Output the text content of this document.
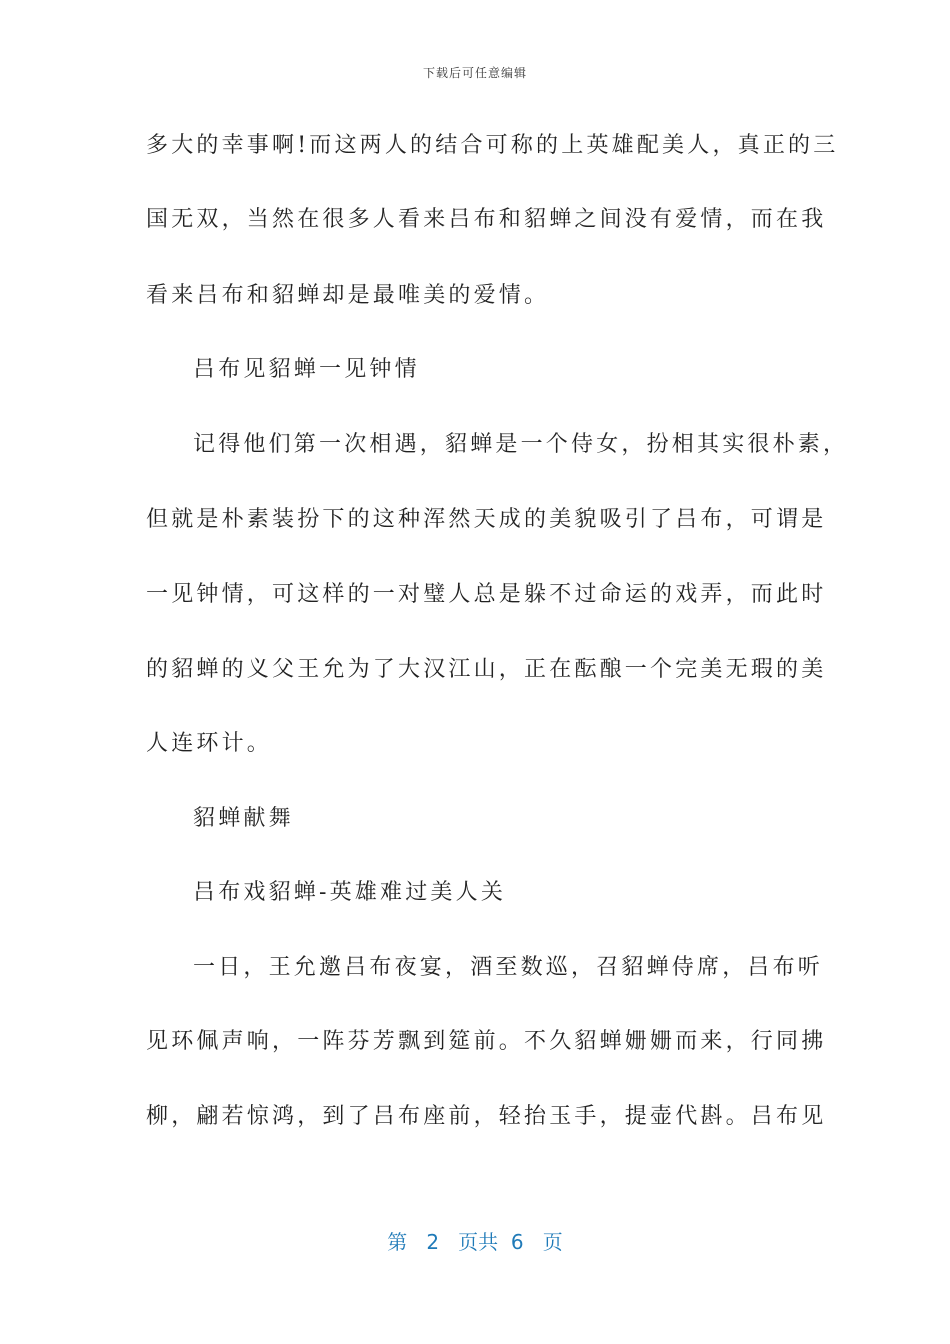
下载后可任意编辑
多大的幸事啊!而这两人的结合可称的上英雄配美人，真正的三
国无双，当然在很多人看来吕布和貂蝉之间没有爱情，而在我
看来吕布和貂蝉却是最唯美的爱情。
吕布见貂蝉一见钟情
记得他们第一次相遇，貂蝉是一个侍女，扮相其实很朴素，
但就是朴素装扮下的这种浑然天成的美貌吸引了吕布，可谓是
一见钟情，可这样的一对璧人总是躲不过命运的戏弄，而此时
的貂蝉的义父王允为了大汉江山，正在酝酿一个完美无瑕的美
人连环计。
貂蝉献舞
吕布戏貂蝉-英雄难过美人关
一日，王允邀吕布夜宴，酒至数巡，召貂蝉侍席，吕布听
见环佩声响，一阵芬芳飘到筵前。不久貂蝉姗姗而来，行同拂
柳，翩若惊鸿，到了吕布座前，轻抬玉手，提壶代斟。吕布见
第 2 页共 6 页
